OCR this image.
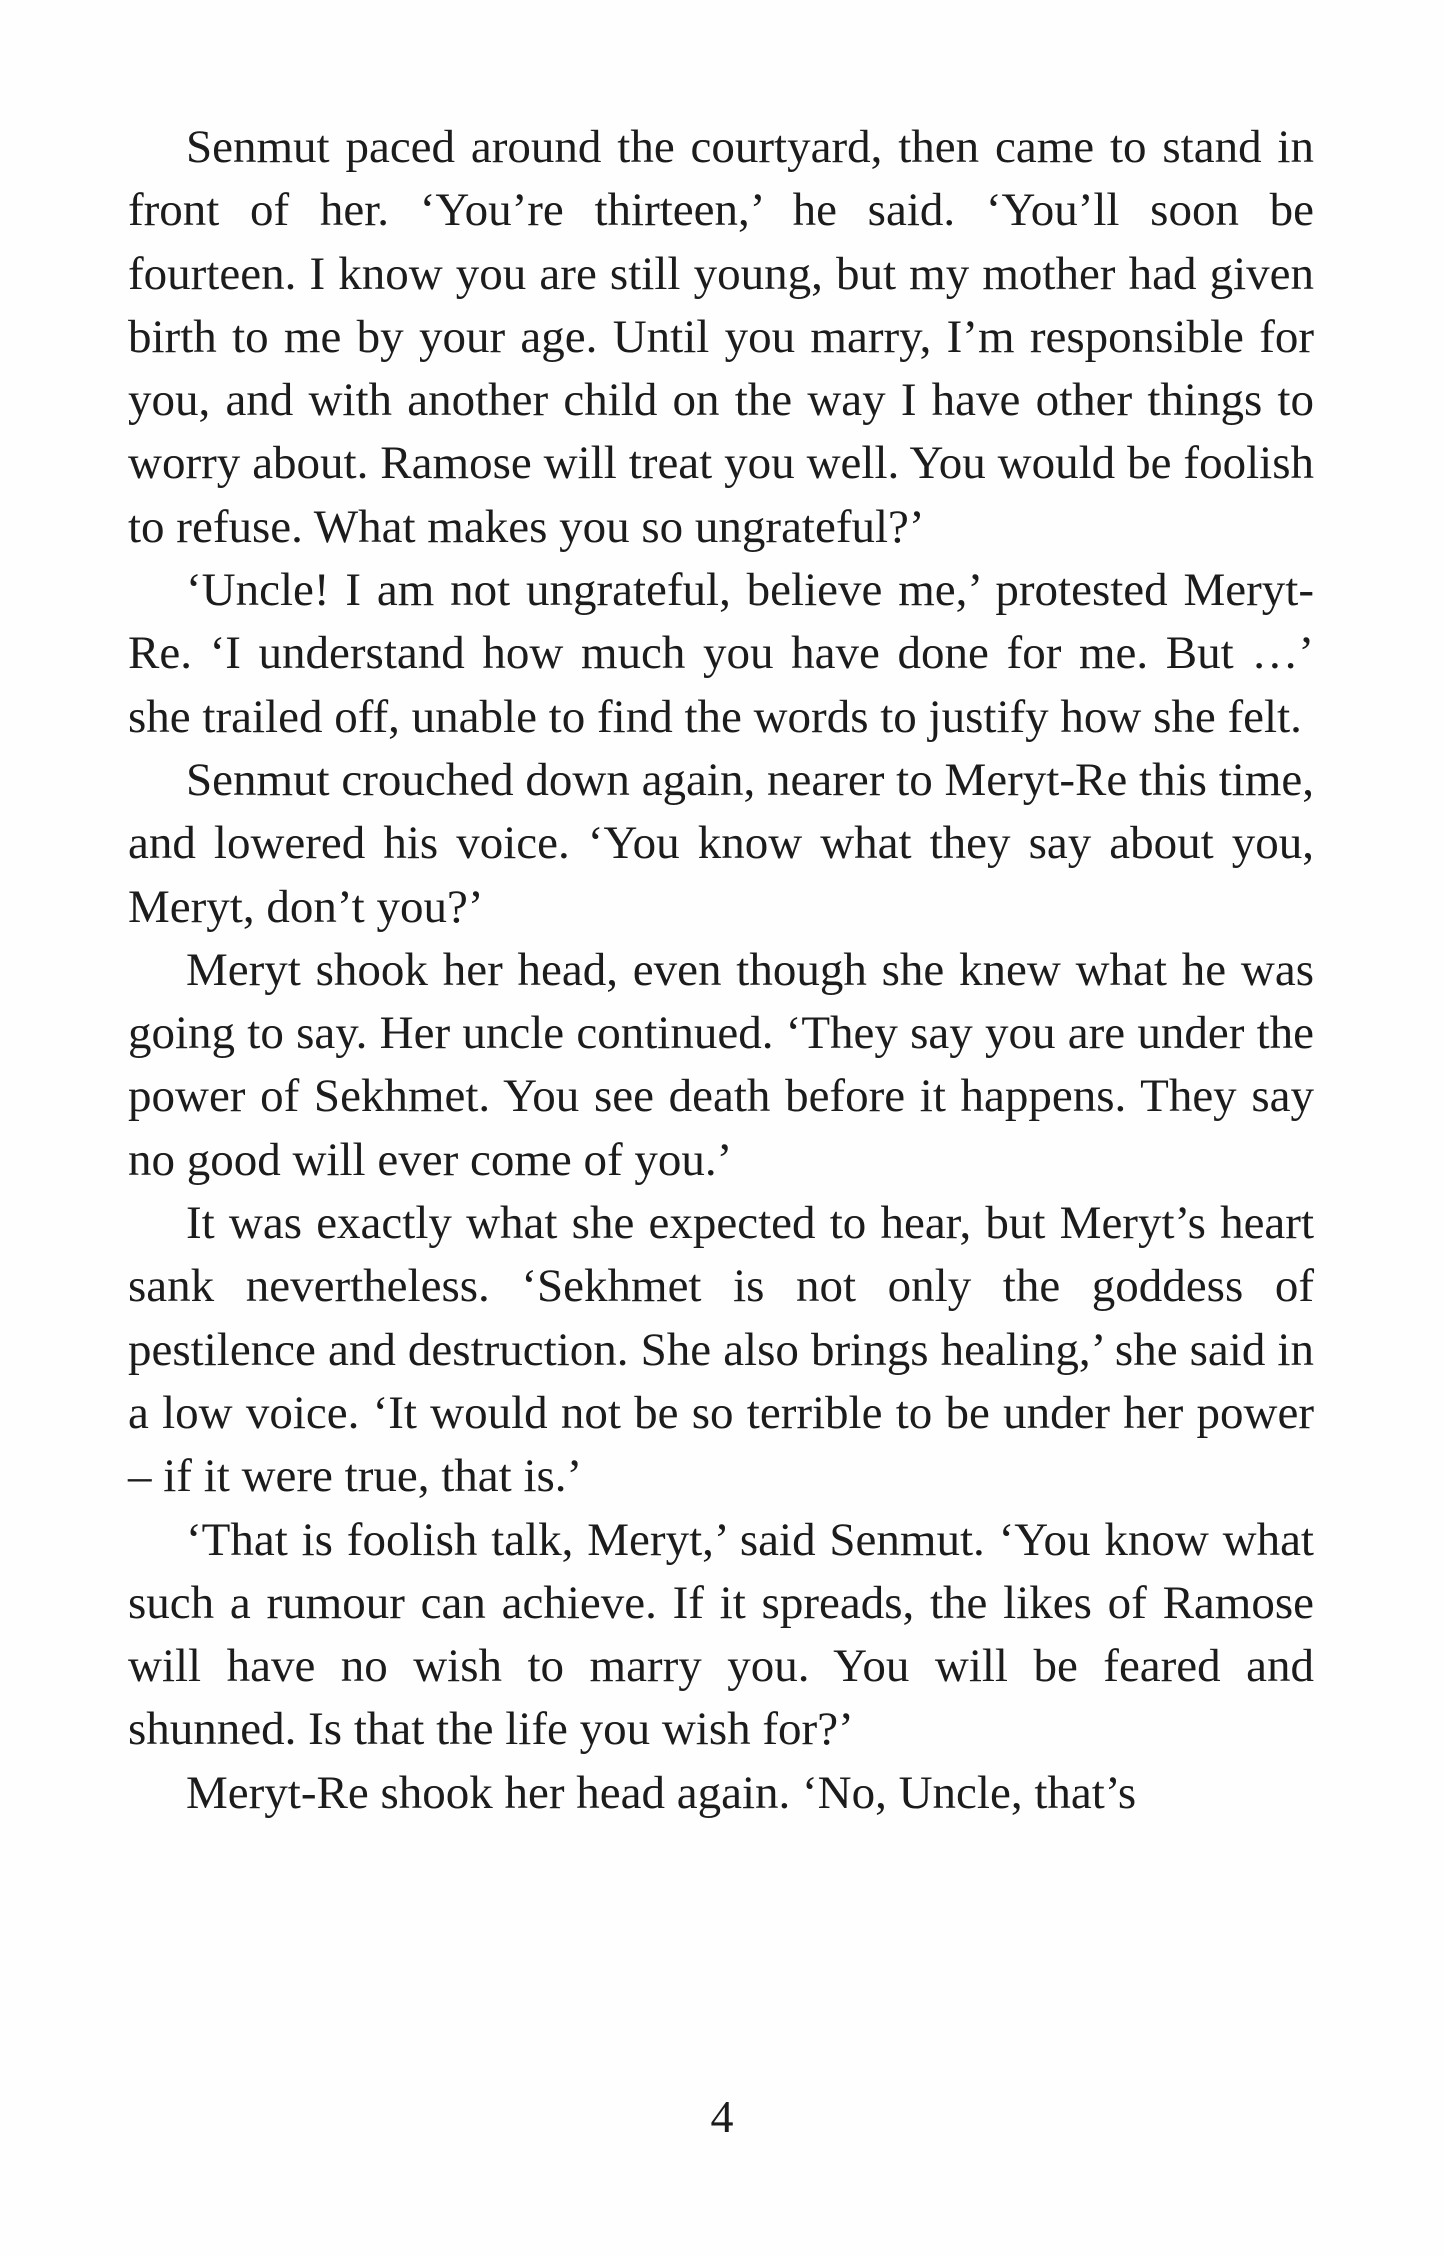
Senmut paced around the courtyard, then came to stand in front of her. ‘You’re thirteen,’ he said. ‘You’ll soon be fourteen. I know you are still young, but my mother had given birth to me by your age. Until you marry, I’m responsible for you, and with another child on the way I have other things to worry about. Ramose will treat you well. You would be foolish to refuse. What makes you so ungrateful?’

‘Uncle! I am not ungrateful, believe me,’ protested Meryt-Re. ‘I understand how much you have done for me. But …’ she trailed off, unable to find the words to justify how she felt.

Senmut crouched down again, nearer to Meryt-Re this time, and lowered his voice. ‘You know what they say about you, Meryt, don’t you?’

Meryt shook her head, even though she knew what he was going to say. Her uncle continued. ‘They say you are under the power of Sekhmet. You see death before it happens. They say no good will ever come of you.’

It was exactly what she expected to hear, but Meryt’s heart sank nevertheless. ‘Sekhmet is not only the goddess of pestilence and destruction. She also brings healing,’ she said in a low voice. ‘It would not be so terrible to be under her power – if it were true, that is.’

‘That is foolish talk, Meryt,’ said Senmut. ‘You know what such a rumour can achieve. If it spreads, the likes of Ramose will have no wish to marry you. You will be feared and shunned. Is that the life you wish for?’

Meryt-Re shook her head again. ‘No, Uncle, that’s

4
